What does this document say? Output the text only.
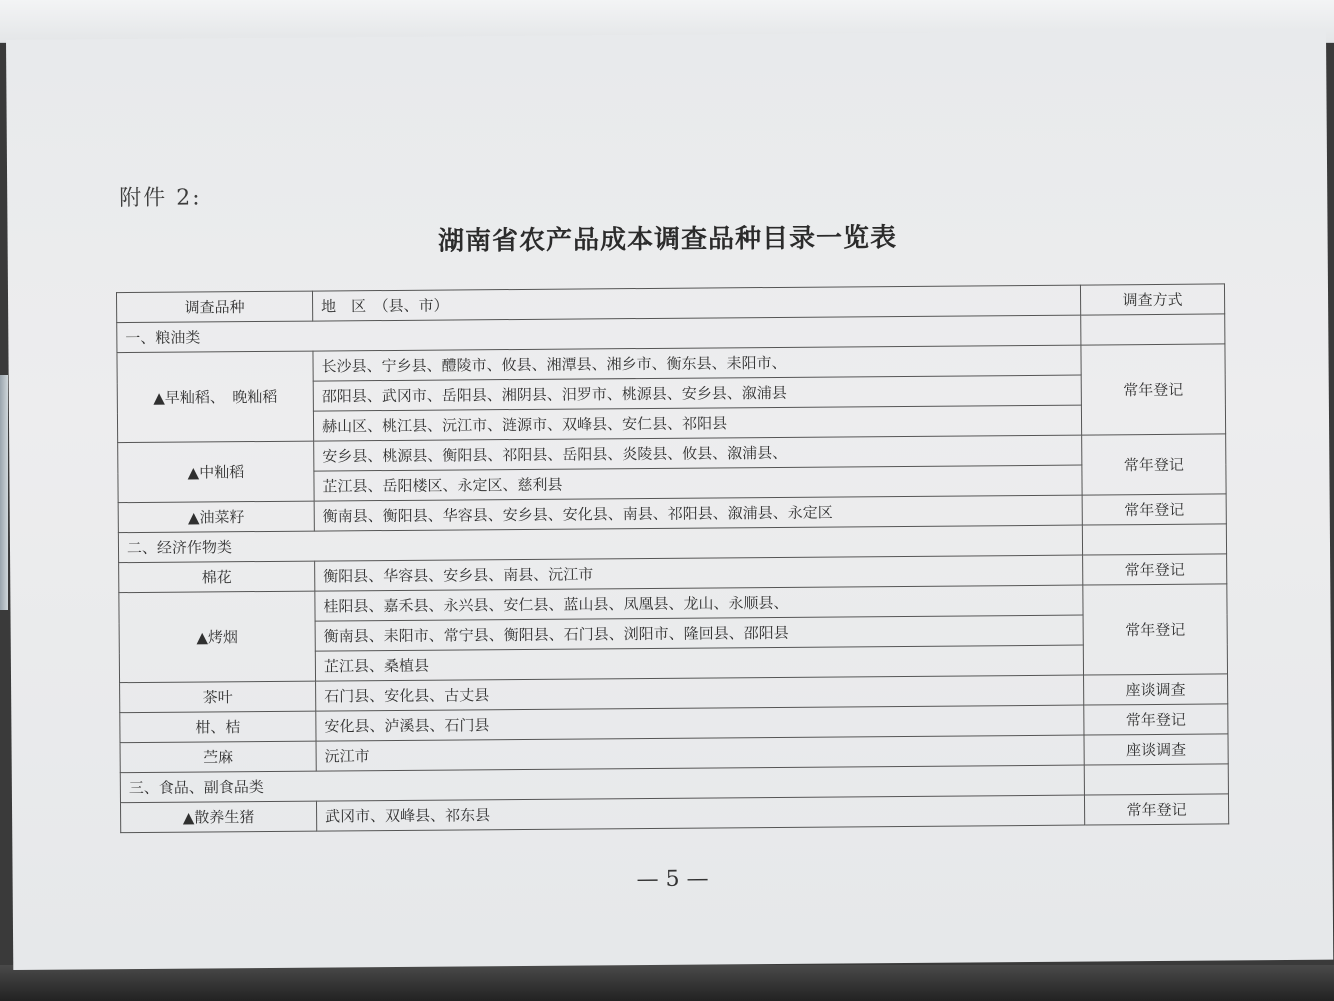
附件 2:
湖南省农产品成本调查品种目录一览表
调查品种	地　区　（县、市）	调查方式
一、粮油类		
▲早籼稻、　晚籼稻	长沙县、宁乡县、醴陵市、攸县、湘潭县、湘乡市、衡东县、耒阳市、	常年登记
	邵阳县、武冈市、岳阳县、湘阴县、汨罗市、桃源县、安乡县、溆浦县	
	赫山区、桃江县、沅江市、涟源市、双峰县、安仁县、祁阳县	
▲中籼稻	安乡县、桃源县、衡阳县、祁阳县、岳阳县、炎陵县、攸县、溆浦县、	常年登记
	芷江县、岳阳楼区、永定区、慈利县	
▲油菜籽	衡南县、衡阳县、华容县、安乡县、安化县、南县、祁阳县、溆浦县、永定区	常年登记
二、经济作物类		
棉花	衡阳县、华容县、安乡县、南县、沅江市	常年登记
▲烤烟	桂阳县、嘉禾县、永兴县、安仁县、蓝山县、凤凰县、龙山、永顺县、	常年登记
	衡南县、耒阳市、常宁县、衡阳县、石门县、浏阳市、隆回县、邵阳县	
	芷江县、桑植县	
茶叶	石门县、安化县、古丈县	座谈调查
柑、桔	安化县、泸溪县、石门县	常年登记
苎麻	沅江市	座谈调查
三、食品、副食品类		
▲散养生猪	武冈市、双峰县、祁东县	常年登记
— 5 —
